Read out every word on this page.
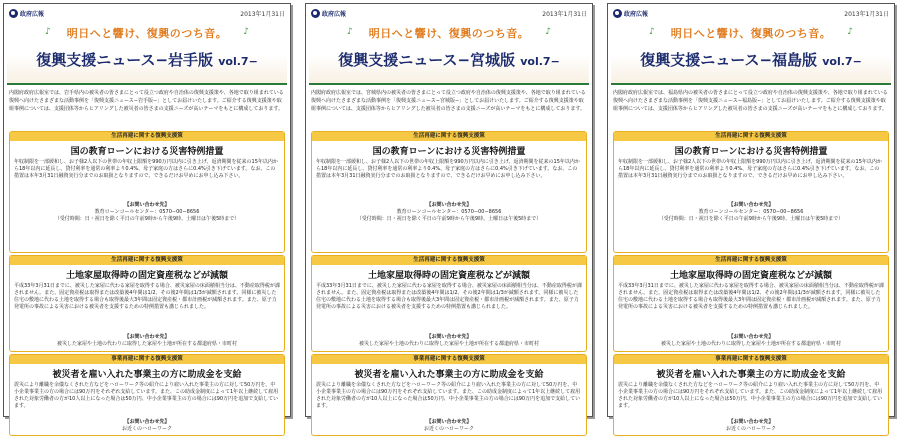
政府広報	2013年1月31日
明日へと響け、復興のつち音。
♪	♪
復興支援ニュース−岩手版 vol.7−
内閣府政府広報室では、岩手県内の被災者の皆さまにとって役立つ政府や自治体の復興支援策や、各地で取り組まれている復興へ向けたさまざまな活動事例を「復興支援ニュース−岩手版−」としてお届けいたします。ご紹介する復興支援策や取組事例については、支援団体等からヒアリングした被災者の皆さまの支援ニーズが高いテーマをもとに構成しております。
生活再建に関する復興支援策
国の教育ローンにおける災害特例措置
年収制限を一部緩和し、お子様2人以下の世帯の年収上限額を990万円以内に引き上げ、返済期間を従来の15年以内から18年以内に延長し、貸付利率を通常の利率より0.4%、母子家庭の方はさらに0.4%引き下げています。なお、この措置は本年3月31日融資実行分までのお取扱となりますので、できるだけお早めにお申し込み下さい。
【お問い合わせ先】
教育ローンコールセンター：0570−00−8656
（受付時間：日・祝日を除く平日の午前9時から午後9時、土曜日は午後5時まで）
生活再建に関する復興支援策
土地家屋取得時の固定資産税などが減額
平成33年3月31日までに、被災した家屋に代わる家屋を取得する場合、被災家屋の床面積相当分は、不動産取得税が課されません。また、固定資産税は取得または改築後4年間は1/2、その後2年間は1/3が減額されます。同様に被災した住宅の敷地に代わる土地を取得する場合も取得後最大3年間は固定資産税・都市計画税が減額されます。また、原子力発電所の事故による災害における被災者を支援するための特例措置も講じられました。
【お問い合わせ先】
被災した家屋や土地の代わりに取得した家屋や土地が所在する都道府県・市町村
事業再建に関する復興支援策
被災者を雇い入れた事業主の方に助成金を支給
震災により離職を余儀なくされた方などをハローワーク等の紹介により雇い入れた事業主の方に対して50万円を、中小企業事業主の方の場合には90万円をそれぞれ支給しています。また、この助成金制度によって1年以上継続して雇用された対象労働者の方が10人以上になった場合は50万円、中小企業事業主の方の場合には90万円を追加で支給しています。
【お問い合わせ先】
お近くのハローワーク
政府広報	2013年1月31日
明日へと響け、復興のつち音。
♪	♪
復興支援ニュース−宮城版 vol.7−
内閣府政府広報室では、宮城県内の被災者の皆さまにとって役立つ政府や自治体の復興支援策や、各地で取り組まれている復興へ向けたさまざまな活動事例を「復興支援ニュース−宮城版−」としてお届けいたします。ご紹介する復興支援策や取組事例については、支援団体等からヒアリングした被災者の皆さまの支援ニーズが高いテーマをもとに構成しております。
生活再建に関する復興支援策
国の教育ローンにおける災害特例措置
年収制限を一部緩和し、お子様2人以下の世帯の年収上限額を990万円以内に引き上げ、返済期間を従来の15年以内から18年以内に延長し、貸付利率を通常の利率より0.4%、母子家庭の方はさらに0.4%引き下げています。なお、この措置は本年3月31日融資実行分までのお取扱となりますので、できるだけお早めにお申し込み下さい。
【お問い合わせ先】
教育ローンコールセンター：0570−00−8656
（受付時間：日・祝日を除く平日の午前9時から午後9時、土曜日は午後5時まで）
生活再建に関する復興支援策
土地家屋取得時の固定資産税などが減額
平成33年3月31日までに、被災した家屋に代わる家屋を取得する場合、被災家屋の床面積相当分は、不動産取得税が課されません。また、固定資産税は取得または改築後4年間は1/2、その後2年間は1/3が減額されます。同様に被災した住宅の敷地に代わる土地を取得する場合も取得後最大3年間は固定資産税・都市計画税が減額されます。また、原子力発電所の事故による災害における被災者を支援するための特例措置も講じられました。
【お問い合わせ先】
被災した家屋や土地の代わりに取得した家屋や土地が所在する都道府県・市町村
事業再建に関する復興支援策
被災者を雇い入れた事業主の方に助成金を支給
震災により離職を余儀なくされた方などをハローワーク等の紹介により雇い入れた事業主の方に対して50万円を、中小企業事業主の方の場合には90万円をそれぞれ支給しています。また、この助成金制度によって1年以上継続して雇用された対象労働者の方が10人以上になった場合は50万円、中小企業事業主の方の場合には90万円を追加で支給しています。
【お問い合わせ先】
お近くのハローワーク
政府広報	2013年1月31日
明日へと響け、復興のつち音。
♪	♪
復興支援ニュース−福島版 vol.7−
内閣府政府広報室では、福島県内の被災者の皆さまにとって役立つ政府や自治体の復興支援策や、各地で取り組まれている復興へ向けたさまざまな活動事例を「復興支援ニュース−福島版−」としてお届けいたします。ご紹介する復興支援策や取組事例については、支援団体等からヒアリングした被災者の皆さまの支援ニーズが高いテーマをもとに構成しております。
生活再建に関する復興支援策
国の教育ローンにおける災害特例措置
年収制限を一部緩和し、お子様2人以下の世帯の年収上限額を990万円以内に引き上げ、返済期間を従来の15年以内から18年以内に延長し、貸付利率を通常の利率より0.4%、母子家庭の方はさらに0.4%引き下げています。なお、この措置は本年3月31日融資実行分までのお取扱となりますので、できるだけお早めにお申し込み下さい。
【お問い合わせ先】
教育ローンコールセンター：0570−00−8656
（受付時間：日・祝日を除く平日の午前9時から午後9時、土曜日は午後5時まで）
生活再建に関する復興支援策
土地家屋取得時の固定資産税などが減額
平成33年3月31日までに、被災した家屋に代わる家屋を取得する場合、被災家屋の床面積相当分は、不動産取得税が課されません。また、固定資産税は取得または改築後4年間は1/2、その後2年間は1/3が減額されます。同様に被災した住宅の敷地に代わる土地を取得する場合も取得後最大3年間は固定資産税・都市計画税が減額されます。また、原子力発電所の事故による災害における被災者を支援するための特例措置も講じられました。
【お問い合わせ先】
被災した家屋や土地の代わりに取得した家屋や土地が所在する都道府県・市町村
事業再建に関する復興支援策
被災者を雇い入れた事業主の方に助成金を支給
震災により離職を余儀なくされた方などをハローワーク等の紹介により雇い入れた事業主の方に対して50万円を、中小企業事業主の方の場合には90万円をそれぞれ支給しています。また、この助成金制度によって1年以上継続して雇用された対象労働者の方が10人以上になった場合は50万円、中小企業事業主の方の場合には90万円を追加で支給しています。
【お問い合わせ先】
お近くのハローワーク
